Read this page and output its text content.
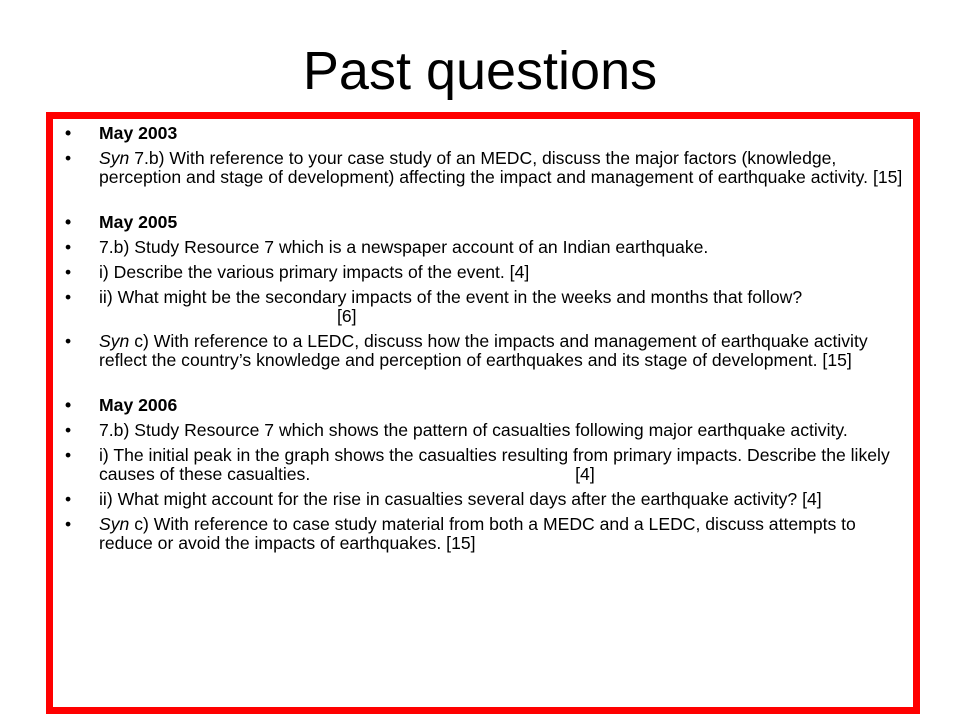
Past questions
•	May 2003
•	Syn 7.b) With reference to your case study of an MEDC, discuss the major factors (knowledge, perception and stage of development) affecting the impact and management of earthquake activity. [15]
•	May 2005
•	7.b) Study Resource 7 which is a newspaper account of an Indian earthquake.
•	i) Describe the various primary impacts of the event. [4]
•	ii) What might be the secondary impacts of the event in the weeks and months that follow? [6]
•	Syn c) With reference to a LEDC, discuss how the impacts and management of earthquake activity reflect the country’s knowledge and perception of earthquakes and its stage of development. [15]
•	May 2006
•	7.b) Study Resource 7 which shows the pattern of casualties following major earthquake activity.
•	i) The initial peak in the graph shows the casualties resulting from primary impacts. Describe the likely causes of these casualties.	[4]
•	ii) What might account for the rise in casualties several days after the earthquake activity? [4]
•	Syn c) With reference to case study material from both a MEDC and a LEDC, discuss attempts to reduce or avoid the impacts of earthquakes. [15]
